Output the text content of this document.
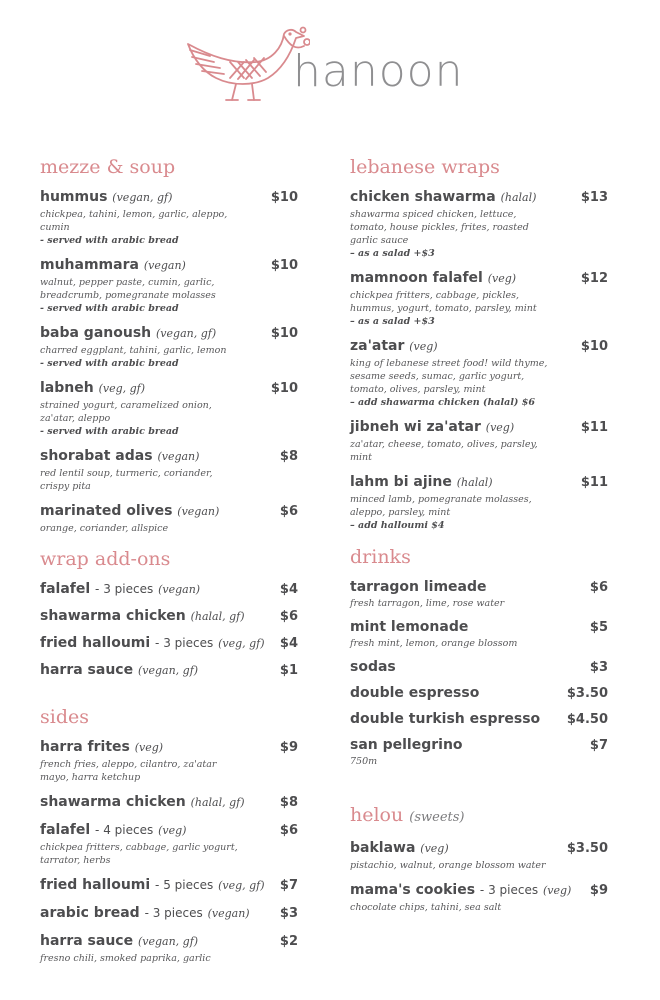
hanoon
mezze & soup
hummus (vegan, gf)	$10
chickpea, tahini, lemon, garlic, aleppo, cumin
- served with arabic bread
muhammara (vegan)	$10
walnut, pepper paste, cumin, garlic, breadcrumb, pomegranate molasses
- served with arabic bread
baba ganoush (vegan, gf)	$10
charred eggplant, tahini, garlic, lemon
- served with arabic bread
labneh (veg, gf)	$10
strained yogurt, caramelized onion, za'atar, aleppo
- served with arabic bread
shorabat adas (vegan)	$8
red lentil soup, turmeric, coriander, crispy pita
marinated olives (vegan)	$6
orange, coriander, allspice
wrap add-ons
falafel - 3 pieces (vegan)	$4
shawarma chicken (halal, gf)	$6
fried halloumi - 3 pieces (veg, gf) $4
harra sauce (vegan, gf)	$1
sides
harra frites (veg)	$9
french fries, aleppo, cilantro, za'atar mayo, harra ketchup
shawarma chicken (halal, gf)	$8
falafel - 4 pieces (veg)	$6
chickpea fritters, cabbage, garlic yogurt, tarrator, herbs
fried halloumi - 5 pieces (veg, gf) $7
arabic bread - 3 pieces (vegan) $3
harra sauce (vegan, gf)	$2
fresno chili, smoked paprika, garlic
lebanese wraps
chicken shawarma (halal)	$13
shawarma spiced chicken, lettuce, tomato, house pickles, frites, roasted garlic sauce
– as a salad +$3
mamnoon falafel (veg)	$12
chickpea fritters, cabbage, pickles, hummus, yogurt, tomato, parsley, mint
– as a salad +$3
za'atar (veg)	$10
king of lebanese street food! wild thyme, sesame seeds, sumac, garlic yogurt, tomato, olives, parsley, mint
– add shawarma chicken (halal) $6
jibneh wi za'atar (veg)	$11
za'atar, cheese, tomato, olives, parsley, mint
lahm bi ajine (halal)	$11
minced lamb, pomegranate molasses, aleppo, parsley, mint
– add halloumi $4
drinks
tarragon limeade	$6
fresh tarragon, lime, rose water
mint lemonade	$5
fresh mint, lemon, orange blossom
sodas	$3
double espresso	$3.50
double turkish espresso $4.50
san pellegrino	$7
750m
helou (sweets)
baklawa (veg)	$3.50
pistachio, walnut, orange blossom water
mama's cookies - 3 pieces (veg) $9
chocolate chips, tahini, sea salt
